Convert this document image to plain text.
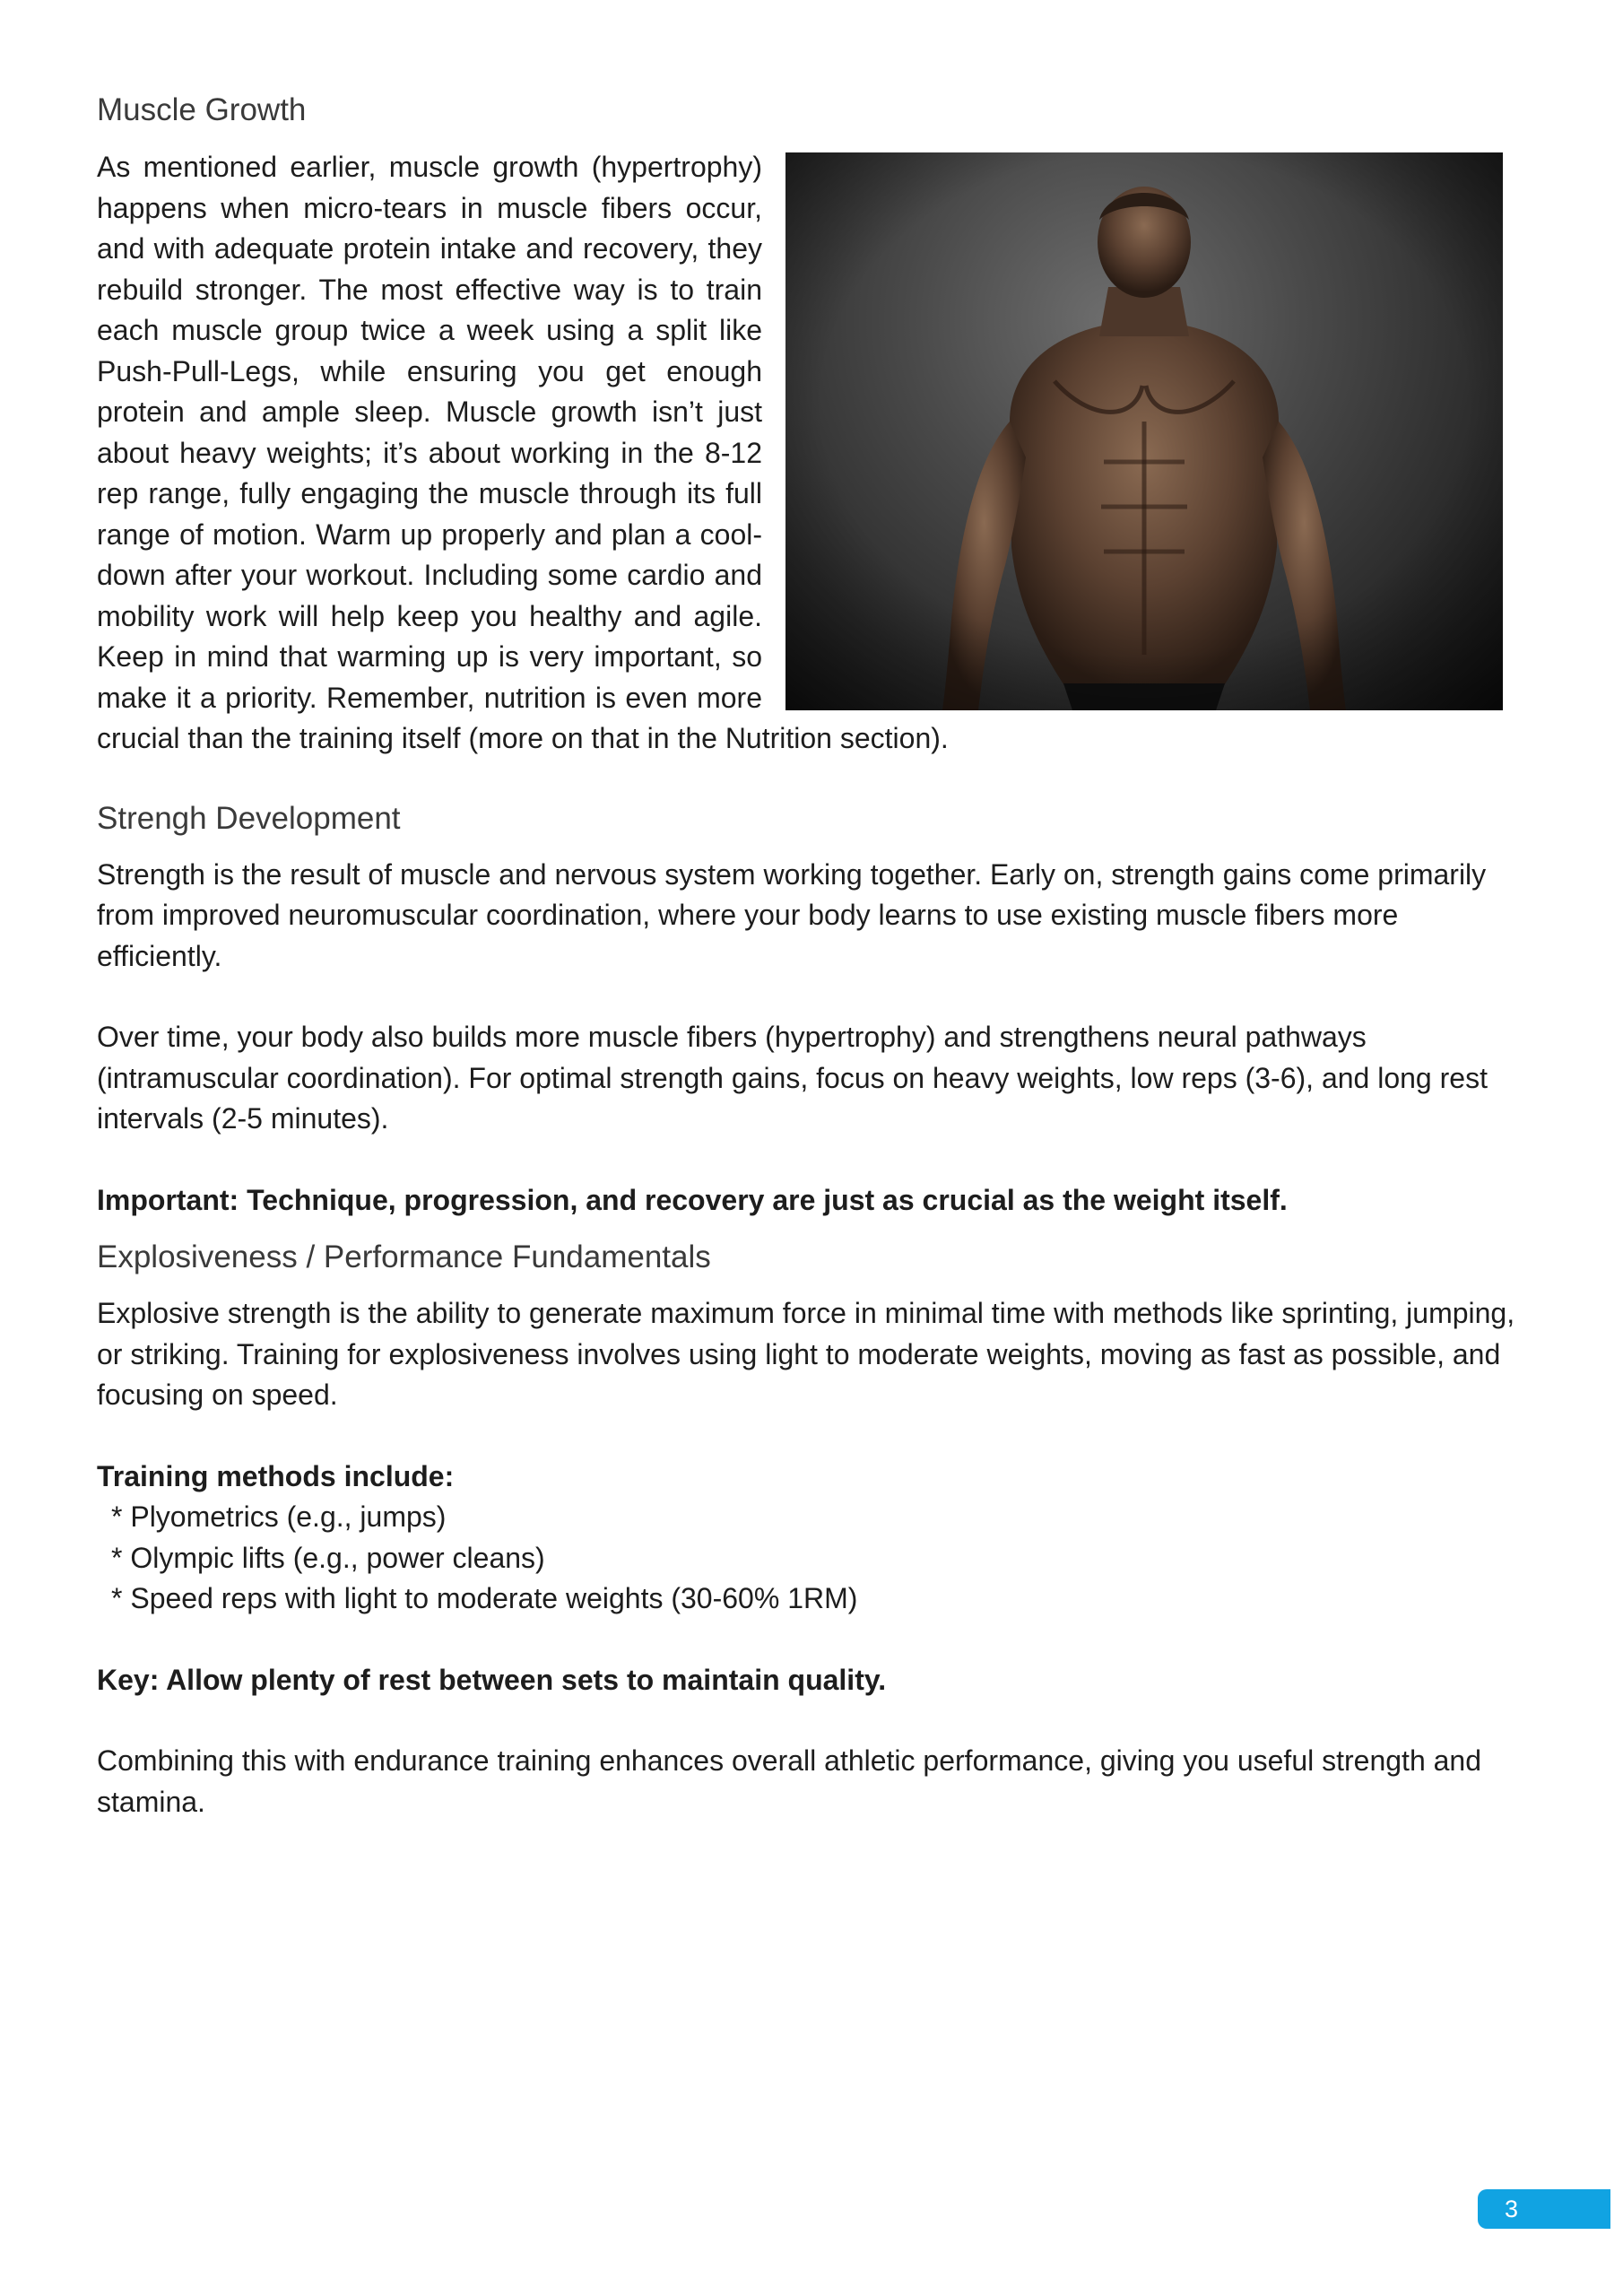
Muscle Growth

As mentioned earlier, muscle growth (hypertrophy) happens when micro-tears in muscle fibers occur, and with adequate protein intake and recovery, they rebuild stronger. The most effective way is to train each muscle group twice a week using a split like Push-Pull-Legs, while ensuring you get enough protein and ample sleep. Muscle growth isn’t just about heavy weights; it’s about working in the 8-12 rep range, fully engaging the muscle through its full range of motion. Warm up properly and plan a cool-down after your workout. Including some cardio and mobility work will help keep you healthy and agile. Keep in mind that warming up is very important, so make it a priority. Remember, nutrition is even more crucial than the training itself (more on that in the Nutrition section).

Strengh Development

Strength is the result of muscle and nervous system working together. Early on, strength gains come primarily from improved neuromuscular coordination, where your body learns to use existing muscle fibers more efficiently.

Over time, your body also builds more muscle fibers (hypertrophy) and strengthens neural pathways (intramuscular coordination). For optimal strength gains, focus on heavy weights, low reps (3-6), and long rest intervals (2-5 minutes).

Important: Technique, progression, and recovery are just as crucial as the weight itself.

Explosiveness / Performance Fundamentals

Explosive strength is the ability to generate maximum force in minimal time with methods like sprinting, jumping, or striking. Training for explosiveness involves using light to moderate weights, moving as fast as possible, and focusing on speed.

Training methods include:

* Plyometrics (e.g., jumps)

* Olympic lifts (e.g., power cleans)

* Speed reps with light to moderate weights (30-60% 1RM)

Key: Allow plenty of rest between sets to maintain quality.

Combining this with endurance training enhances overall athletic performance, giving you useful strength and stamina.

3
